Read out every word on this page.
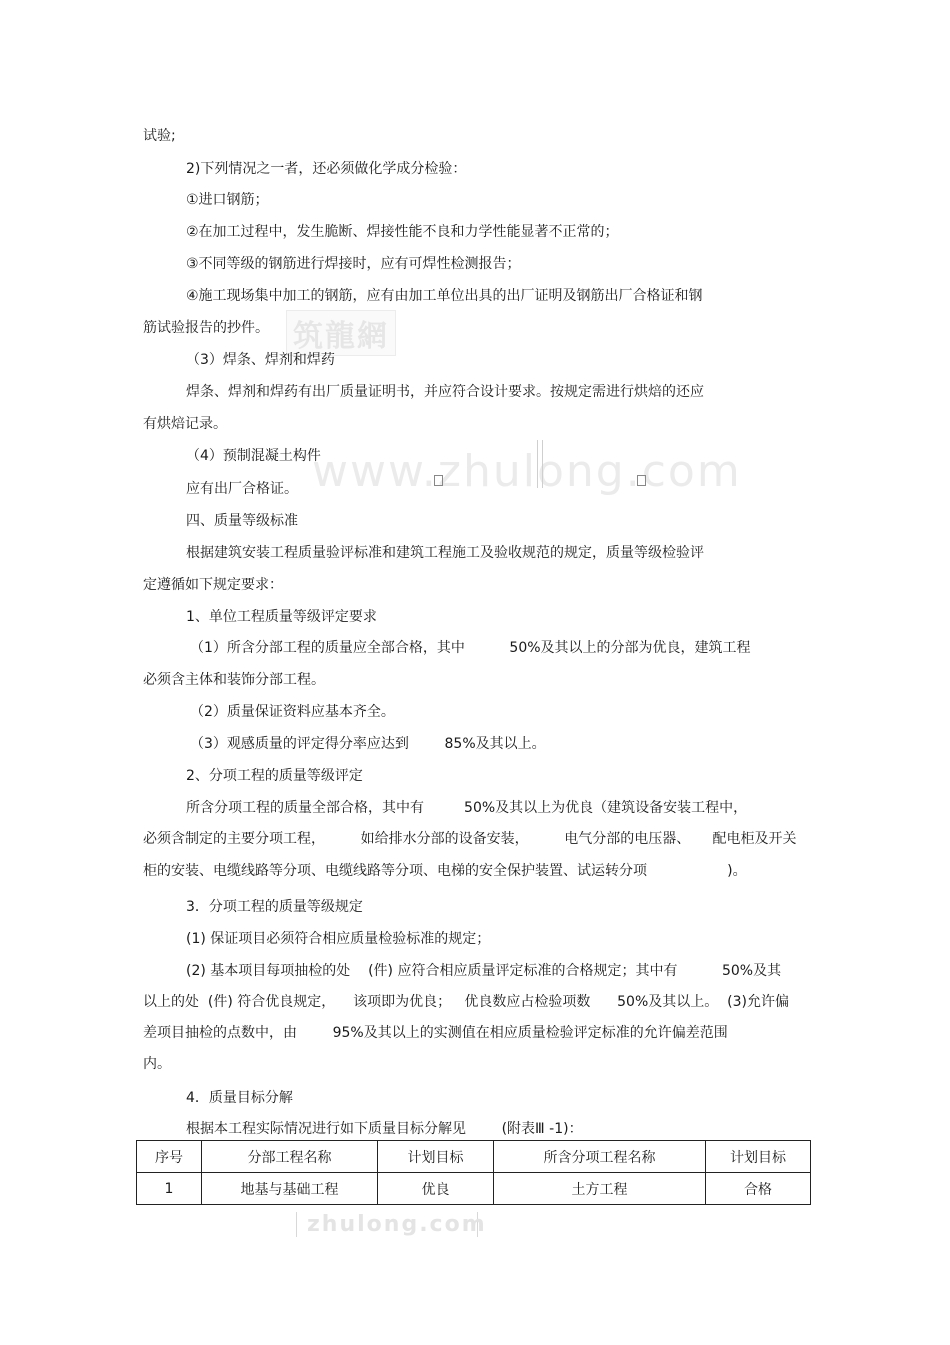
筑龍網
www.zhulong.com
zhulong.com
试验;
2)下列情况之一者，还必须做化学成分检验：
①进口钢筋；
②在加工过程中，发生脆断、焊接性能不良和力学性能显著不正常的；
③不同等级的钢筋进行焊接时，应有可焊性检测报告；
④施工现场集中加工的钢筋，应有由加工单位出具的出厂证明及钢筋出厂合格证和钢
筋试验报告的抄件。
（3）焊条、焊剂和焊药
焊条、焊剂和焊药有出厂质量证明书，并应符合设计要求。按规定需进行烘焙的还应
有烘焙记录。
（4）预制混凝土构件
应有出厂合格证。
四、质量等级标准
根据建筑安装工程质量验评标准和建筑工程施工及验收规范的规定，质量等级检验评
定遵循如下规定要求：
1、单位工程质量等级评定要求
（1）所含分部工程的质量应全部合格，其中          50%及其以上的分部为优良，建筑工程
必须含主体和装饰分部工程。
（2）质量保证资料应基本齐全。
（3）观感质量的评定得分率应达到        85%及其以上。
2、分项工程的质量等级评定
所含分项工程的质量全部合格，其中有         50%及其以上为优良（建筑设备安装工程中，
必须含制定的主要分项工程，        如给排水分部的设备安装，        电气分部的电压器、     配电柜及开关
柜的安装、电缆线路等分项、电缆线路等分项、电梯的安全保护装置、试运转分项                  )。
3．分项工程的质量等级规定
(1) 保证项目必须符合相应质量检验标准的规定；
(2) 基本项目每项抽检的处    (件) 应符合相应质量评定标准的合格规定；其中有          50%及其
以上的处  (件) 符合优良规定，    该项即为优良；   优良数应占检验项数      50%及其以上。  (3)允许偏
差项目抽检的点数中，由        95%及其以上的实测值在相应质量检验评定标准的允许偏差范围
内。
4．质量目标分解
根据本工程实际情况进行如下质量目标分解见        (附表Ⅲ -1)：
序号	分部工程名称	计划目标	所含分项工程名称	计划目标
1	地基与基础工程	优良	土方工程	合格
